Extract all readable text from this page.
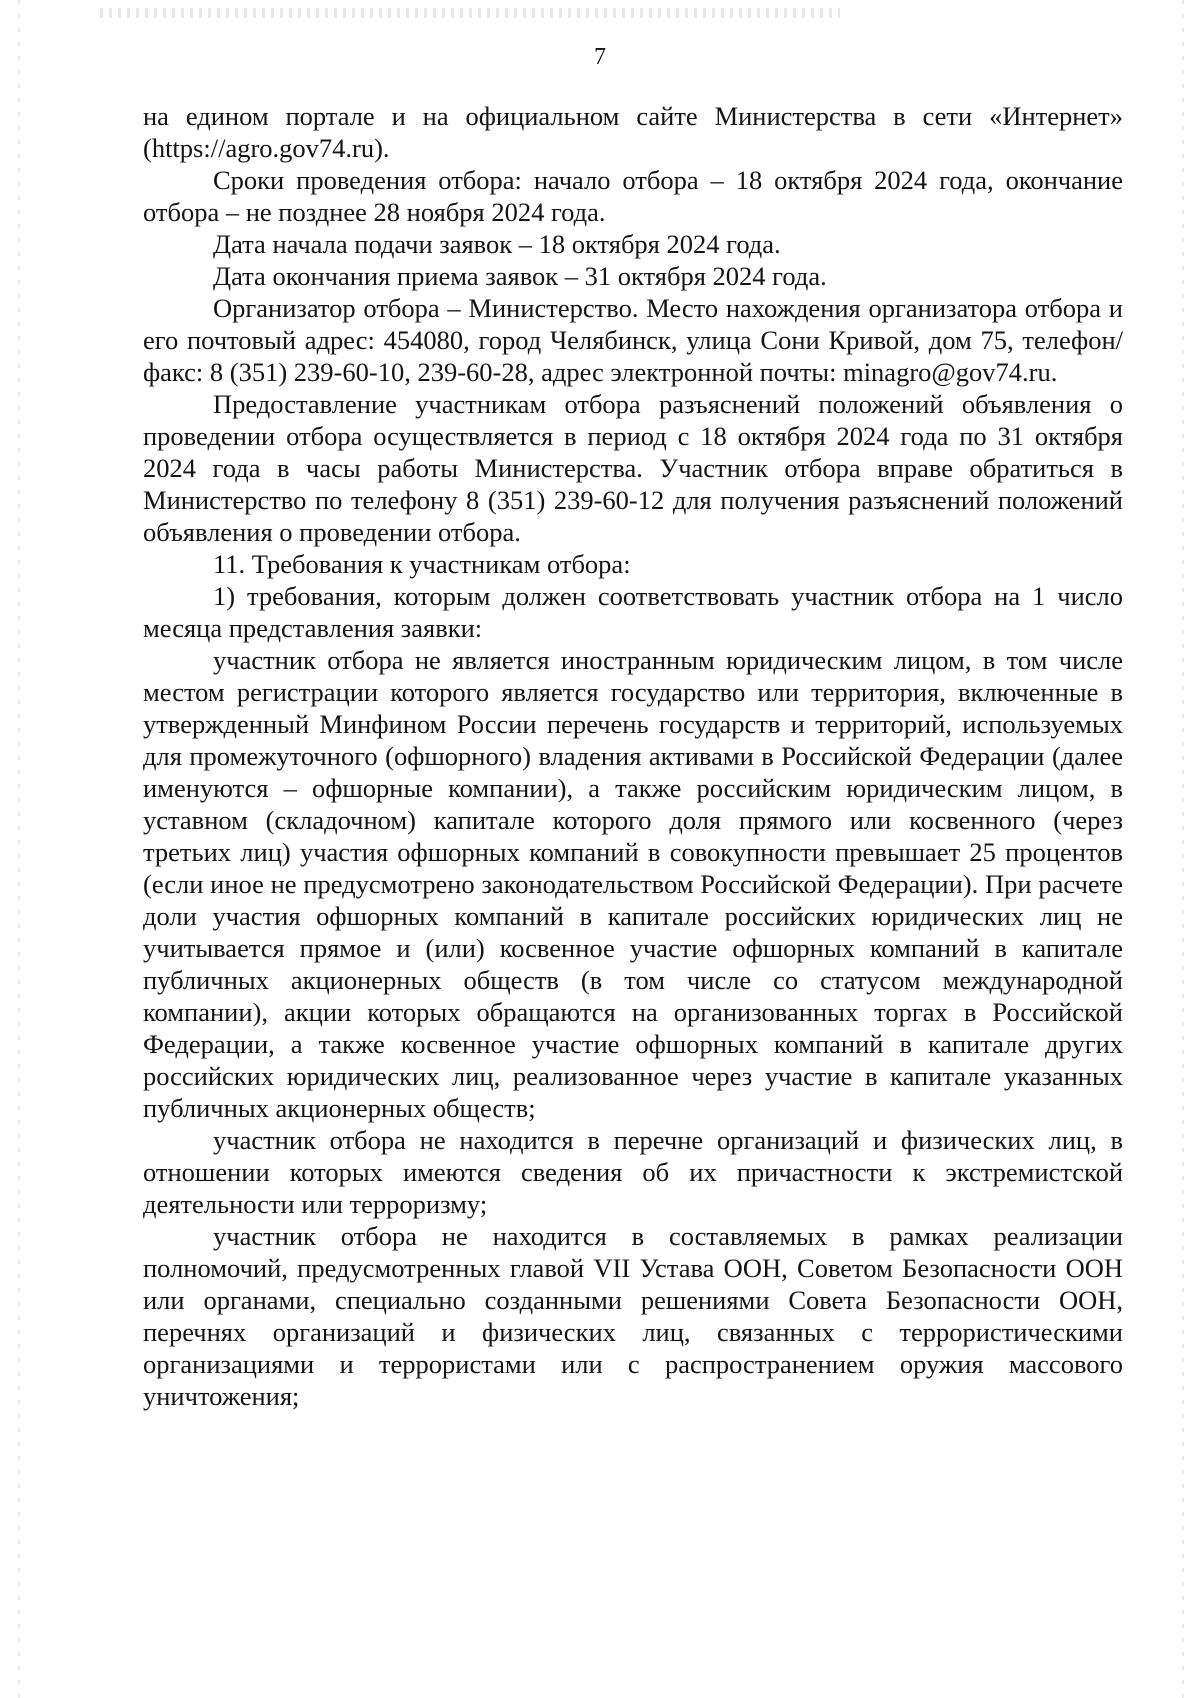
7

на едином портале и на официальном сайте Министерства в сети «Интернет» (https://agro.gov74.ru).

Сроки проведения отбора: начало отбора – 18 октября 2024 года, окончание отбора – не позднее 28 ноября 2024 года.

Дата начала подачи заявок – 18 октября 2024 года.

Дата окончания приема заявок – 31 октября 2024 года.

Организатор отбора – Министерство. Место нахождения организатора отбора и его почтовый адрес: 454080, город Челябинск, улица Сони Кривой, дом 75, телефон/факс: 8 (351) 239-60-10, 239-60-28, адрес электронной почты: minagro@gov74.ru.

Предоставление участникам отбора разъяснений положений объявления о проведении отбора осуществляется в период с 18 октября 2024 года по 31 октября 2024 года в часы работы Министерства. Участник отбора вправе обратиться в Министерство по телефону 8 (351) 239-60-12 для получения разъяснений положений объявления о проведении отбора.

11. Требования к участникам отбора:

1) требования, которым должен соответствовать участник отбора на 1 число месяца представления заявки:

участник отбора не является иностранным юридическим лицом, в том числе местом регистрации которого является государство или территория, включенные в утвержденный Минфином России перечень государств и территорий, используемых для промежуточного (офшорного) владения активами в Российской Федерации (далее именуются – офшорные компании), а также российским юридическим лицом, в уставном (складочном) капитале которого доля прямого или косвенного (через третьих лиц) участия офшорных компаний в совокупности превышает 25 процентов (если иное не предусмотрено законодательством Российской Федерации). При расчете доли участия офшорных компаний в капитале российских юридических лиц не учитывается прямое и (или) косвенное участие офшорных компаний в капитале публичных акционерных обществ (в том числе со статусом международной компании), акции которых обращаются на организованных торгах в Российской Федерации, а также косвенное участие офшорных компаний в капитале других российских юридических лиц, реализованное через участие в капитале указанных публичных акционерных обществ;

участник отбора не находится в перечне организаций и физических лиц, в отношении которых имеются сведения об их причастности к экстремистской деятельности или терроризму;

участник отбора не находится в составляемых в рамках реализации полномочий, предусмотренных главой VII Устава ООН, Советом Безопасности ООН или органами, специально созданными решениями Совета Безопасности ООН, перечнях организаций и физических лиц, связанных с террористическими организациями и террористами или с распространением оружия массового уничтожения;
